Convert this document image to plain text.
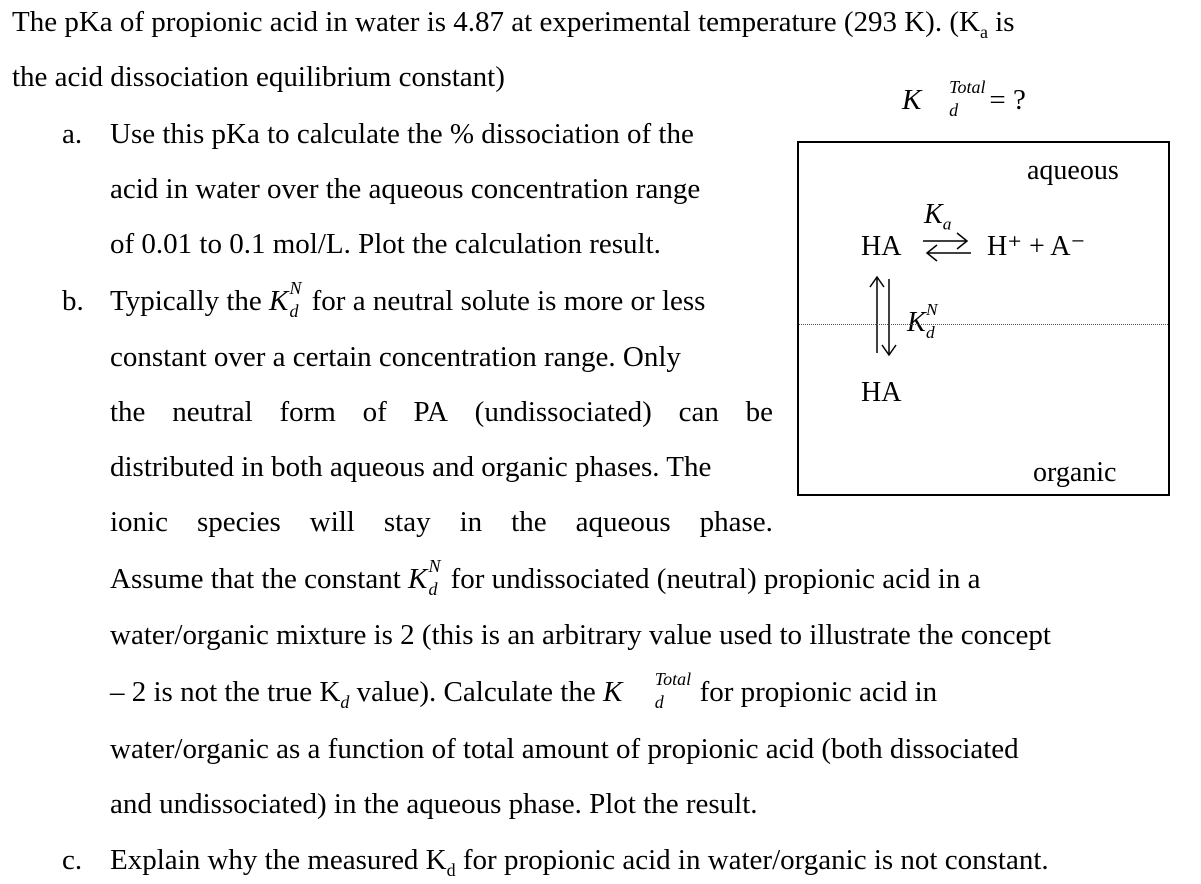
The pKa of propionic acid in water is 4.87 at experimental temperature (293 K). ($K_a$ is
the acid dissociation equilibrium constant)
a. Use this pKa to calculate the % dissociation of the
acid in water over the aqueous concentration range
of 0.01 to 0.1 mol/L. Plot the calculation result.
b. Typically the K N
d for a neutral solute is more or less
constant over a certain concentration range. Only
the neutral form of PA (undissociated) can be
distributed in both aqueous and organic phases. The
ionic species will stay in the aqueous phase.
Assume that the constant K N
d for undissociated (neutral) propionic acid in a
water/organic mixture is 2 (this is an arbitrary value used to illustrate the concept
– 2 is not the true $K_d$ value). Calculate the K Total
d for propionic acid in
water/organic as a function of total amount of propionic acid (both dissociated
and undissociated) in the aqueous phase. Plot the result.
c. Explain why the measured $K_d$ for propionic acid in water/organic is not constant.
K Total
d = ?
aqueous
HA	H⁺ + A⁻
$K_a$
K N
d
HA
organic
